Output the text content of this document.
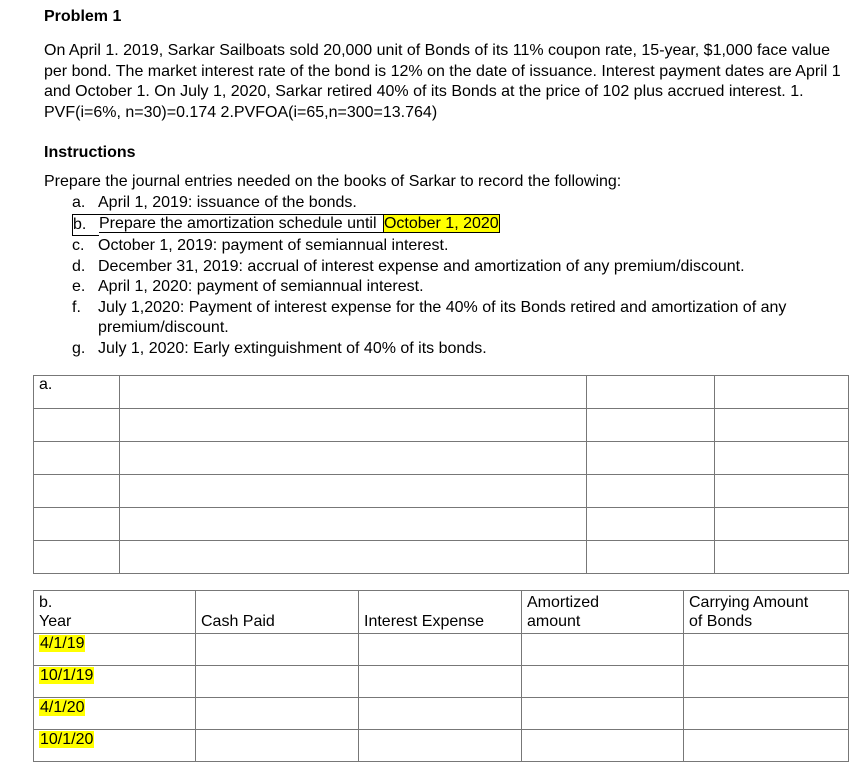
Problem 1
On April 1. 2019, Sarkar Sailboats sold 20,000 unit of Bonds of its 11% coupon rate, 15-year, $1,000 face value per bond. The market interest rate of the bond is 12% on the date of issuance. Interest payment dates are April 1 and October 1. On July 1, 2020, Sarkar retired 40% of its Bonds at the price of 102 plus accrued interest. 1. PVF(i=6%, n=30)=0.174 2.PVFOA(i=65,n=300=13.764)
Instructions
Prepare the journal entries needed on the books of Sarkar to record the following:
a. April 1, 2019: issuance of the bonds.
b. Prepare the amortization schedule until October 1, 2020
c. October 1, 2019: payment of semiannual interest.
d. December 31, 2019: accrual of interest expense and amortization of any premium/discount.
e. April 1, 2020: payment of semiannual interest.
f.	July 1,2020: Payment of interest expense for the 40% of its Bonds retired and amortization of any premium/discount.
g. July 1, 2020: Early extinguishment of 40% of its bonds.
a.			

b.
Year	Cash Paid	Interest Expense	Amortized
amount	Carrying Amount
of Bonds
4/1/19				
10/1/19				
4/1/20				
10/1/20				
